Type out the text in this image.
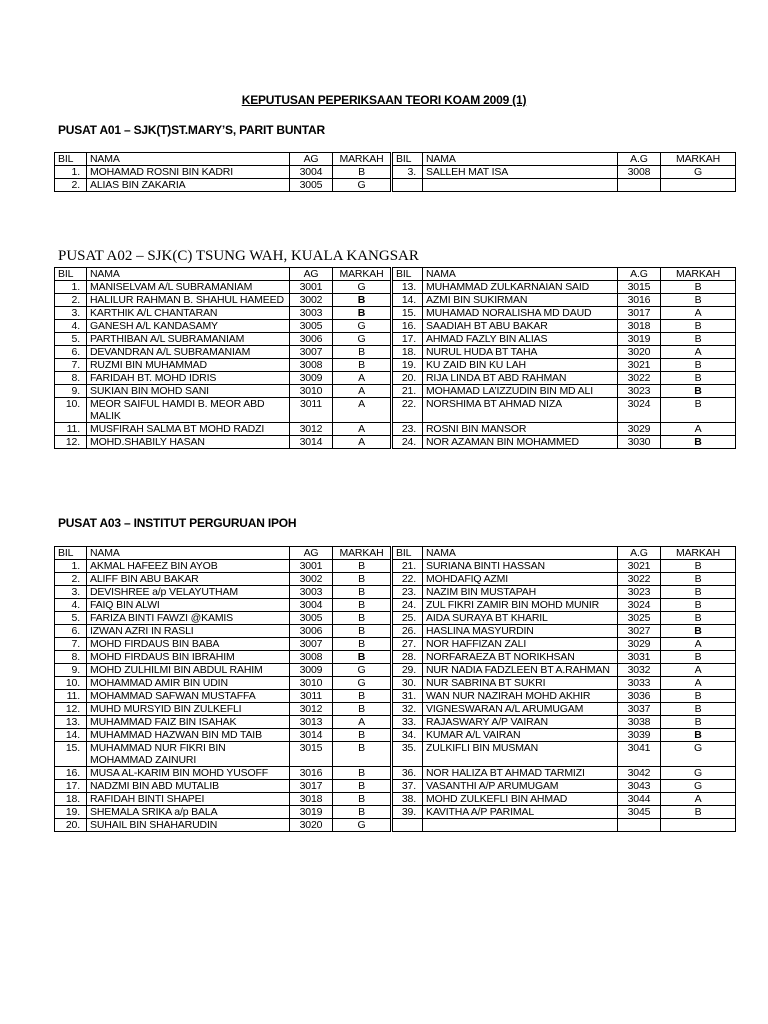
KEPUTUSAN PEPERIKSAAN TEORI KOAM 2009 (1)
PUSAT A01 – SJK(T)ST.MARY’S, PARIT BUNTAR
BIL	NAMA	AG	MARKAH	BIL	NAMA	A.G	MARKAH
1.	MOHAMAD ROSNI BIN KADRI	3004	B	3.	SALLEH MAT ISA	3008	G
2.	ALIAS BIN ZAKARIA	3005	G				
PUSAT A02 – SJK(C) TSUNG WAH, KUALA KANGSAR
BIL	NAMA	AG	MARKAH	BIL	NAMA	A.G	MARKAH
1.	MANISELVAM A/L SUBRAMANIAM	3001	G	13.	MUHAMMAD ZULKARNAIAN SAID	3015	B
2.	HALILUR RAHMAN B. SHAHUL HAMEED	3002	B	14.	AZMI BIN SUKIRMAN	3016	B
3.	KARTHIK A/L CHANTARAN	3003	B	15.	MUHAMAD NORALISHA MD DAUD	3017	A
4.	GANESH A/L KANDASAMY	3005	G	16.	SAADIAH BT ABU BAKAR	3018	B
5.	PARTHIBAN A/L SUBRAMANIAM	3006	G	17.	AHMAD FAZLY BIN ALIAS	3019	B
6.	DEVANDRAN A/L SUBRAMANIAM	3007	B	18.	NURUL HUDA BT TAHA	3020	A
7.	RUZMI BIN MUHAMMAD	3008	B	19.	KU ZAID BIN KU LAH	3021	B
8.	FARIDAH BT. MOHD IDRIS	3009	A	20.	RIJA LINDA BT ABD RAHMAN	3022	B
9.	SUKIAN BIN MOHD SANI	3010	A	21.	MOHAMAD LA’IZZUDIN BIN MD ALI	3023	B
10.	MEOR SAIFUL HAMDI B. MEOR ABD MALIK	3011	A	22.	NORSHIMA BT AHMAD NIZA	3024	B
11.	MUSFIRAH SALMA BT MOHD RADZI	3012	A	23.	ROSNI BIN MANSOR	3029	A
12.	MOHD.SHABILY HASAN	3014	A	24.	NOR AZAMAN BIN MOHAMMED	3030	B
PUSAT A03 – INSTITUT PERGURUAN IPOH
BIL	NAMA	AG	MARKAH	BIL	NAMA	A.G	MARKAH
1.	AKMAL HAFEEZ BIN AYOB	3001	B	21.	SURIANA BINTI HASSAN	3021	B
2.	ALIFF BIN ABU BAKAR	3002	B	22.	MOHDAFIQ AZMI	3022	B
3.	DEVISHREE a/p VELAYUTHAM	3003	B	23.	NAZIM BIN MUSTAPAH	3023	B
4.	FAIQ BIN ALWI	3004	B	24.	ZUL FIKRI ZAMIR BIN MOHD MUNIR	3024	B
5.	FARIZA BINTI FAWZI @KAMIS	3005	B	25.	AIDA SURAYA BT KHARIL	3025	B
6.	IZWAN AZRI IN RASLI	3006	B	26.	HASLINA MASYURDIN	3027	B
7.	MOHD FIRDAUS BIN BABA	3007	B	27.	NOR HAFFIZAN ZALI	3029	A
8.	MOHD FIRDAUS BIN IBRAHIM	3008	B	28.	NORFARAEZA BT NORIKHSAN	3031	B
9.	MOHD ZULHILMI BIN ABDUL RAHIM	3009	G	29.	NUR NADIA FADZLEEN BT A.RAHMAN	3032	A
10.	MOHAMMAD AMIR BIN UDIN	3010	G	30.	NUR SABRINA BT SUKRI	3033	A
11.	MOHAMMAD SAFWAN MUSTAFFA	3011	B	31.	WAN NUR NAZIRAH MOHD AKHIR	3036	B
12.	MUHD MURSYID BIN ZULKEFLI	3012	B	32.	VIGNESWARAN A/L ARUMUGAM	3037	B
13.	MUHAMMAD FAIZ BIN ISAHAK	3013	A	33.	RAJASWARY A/P VAIRAN	3038	B
14.	MUHAMMAD HAZWAN BIN MD TAIB	3014	B	34.	KUMAR A/L VAIRAN	3039	B
15.	MUHAMMAD NUR FIKRI BIN MOHAMMAD ZAINURI	3015	B	35.	ZULKIFLI BIN MUSMAN	3041	G
16.	MUSA AL-KARIM BIN MOHD YUSOFF	3016	B	36.	NOR HALIZA BT AHMAD TARMIZI	3042	G
17.	NADZMI BIN ABD MUTALIB	3017	B	37.	VASANTHI A/P ARUMUGAM	3043	G
18.	RAFIDAH BINTI SHAPEI	3018	B	38.	MOHD ZULKEFLI BIN AHMAD	3044	A
19.	SHEMALA SRIKA a/p BALA	3019	B	39.	KAVITHA A/P PARIMAL	3045	B
20.	SUHAIL BIN SHAHARUDIN	3020	G				
